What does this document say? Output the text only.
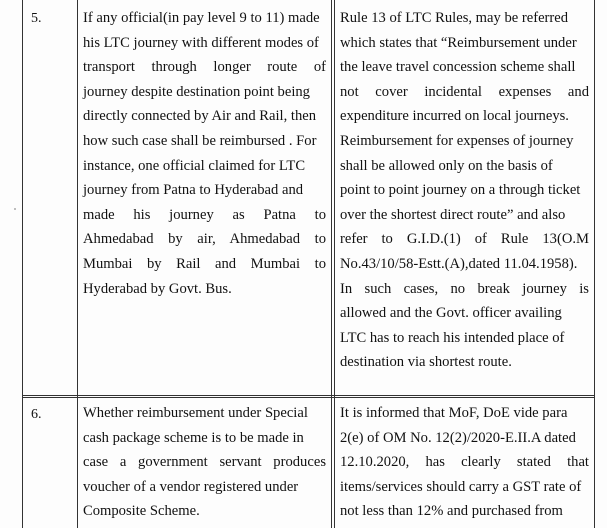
5.	If any official(in pay level 9 to 11) made
his LTC journey with different modes of
transport through longer route of
journey despite destination point being
directly connected by Air and Rail, then
how such case shall be reimbursed . For
instance, one official claimed for LTC
journey from Patna to Hyderabad and
made his journey as Patna to
Ahmedabad by air, Ahmedabad to
Mumbai by Rail and Mumbai to
Hyderabad by Govt. Bus.
Rule 13 of LTC Rules, may be referred
which states that “Reimbursement under
the leave travel concession scheme shall
not cover incidental expenses and
expenditure incurred on local journeys.
Reimbursement for expenses of journey
shall be allowed only on the basis of
point to point journey on a through ticket
over the shortest direct route” and also
refer to G.I.D.(1) of Rule 13(O.M
No.43/10/58-Estt.(A),dated 11.04.1958).
In such cases, no break journey is
allowed and the Govt. officer availing
LTC has to reach his intended place of
destination via shortest route.
6.	Whether reimbursement under Special
cash package scheme is to be made in
case a government servant produces
voucher of a vendor registered under
Composite Scheme.
It is informed that MoF, DoE vide para
2(e) of OM No. 12(2)/2020-E.II.A dated
12.10.2020, has clearly stated that
items/services should carry a GST rate of
not less than 12% and purchased from
